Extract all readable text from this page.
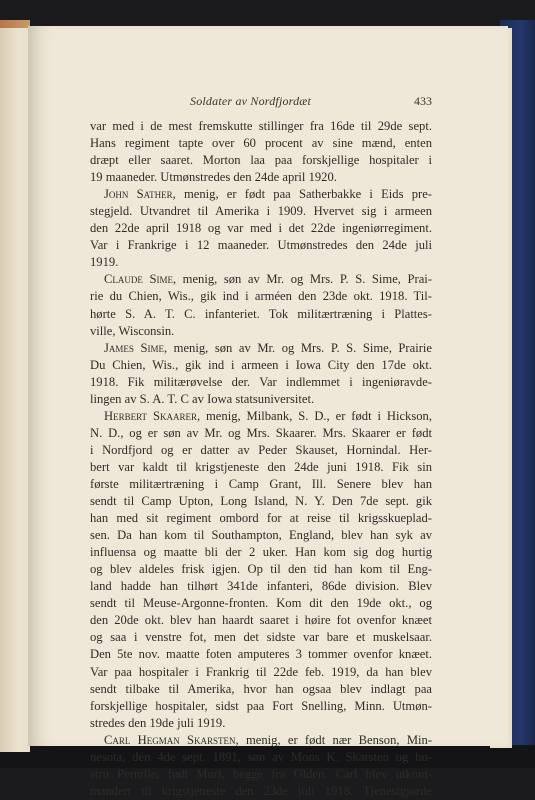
Soldater av Nordfjordæt	433
var med i de mest fremskutte stillinger fra 16de til 29de sept.
Hans regiment tapte over 60 procent av sine mænd, enten
dræpt eller saaret. Morton laa paa forskjellige hospitaler i
19 maaneder. Utmønstredes den 24de april 1920.
John Sather, menig, er født paa Satherbakke i Eids pre-
stegjeld. Utvandret til Amerika i 1909. Hvervet sig i armeen
den 22de april 1918 og var med i det 22de ingeniørregiment.
Var i Frankrige i 12 maaneder. Utmønstredes den 24de juli
1919.
Claude Sime, menig, søn av Mr. og Mrs. P. S. Sime, Prai-
rie du Chien, Wis., gik ind i arméen den 23de okt. 1918. Til-
hørte S. A. T. C. infanteriet. Tok militærtræning i Plattes-
ville, Wisconsin.
James Sime, menig, søn av Mr. og Mrs. P. S. Sime, Prairie
Du Chien, Wis., gik ind i armeen i Iowa City den 17de okt.
1918. Fik militærøvelse der. Var indlemmet i ingeniøravde-
lingen av S. A. T. C av Iowa statsuniversitet.
Herbert Skaarer, menig, Milbank, S. D., er født i Hickson,
N. D., og er søn av Mr. og Mrs. Skaarer. Mrs. Skaarer er født
i Nordfjord og er datter av Peder Skauset, Hornindal. Her-
bert var kaldt til krigstjeneste den 24de juni 1918. Fik sin
første militærtræning i Camp Grant, Ill. Senere blev han
sendt til Camp Upton, Long Island, N. Y. Den 7de sept. gik
han med sit regiment ombord for at reise til krigsskueplad-
sen. Da han kom til Southampton, England, blev han syk av
influensa og maatte bli der 2 uker. Han kom sig dog hurtig
og blev aldeles frisk igjen. Op til den tid han kom til Eng-
land hadde han tilhørt 341de infanteri, 86de division. Blev
sendt til Meuse-Argonne-fronten. Kom dit den 19de okt., og
den 20de okt. blev han haardt saaret i høire fot ovenfor knæet
og saa i venstre fot, men det sidste var bare et muskelsaar.
Den 5te nov. maatte foten amputeres 3 tommer ovenfor knæet.
Var paa hospitaler i Frankrig til 22de feb. 1919, da han blev
sendt tilbake til Amerika, hvor han ogsaa blev indlagt paa
forskjellige hospitaler, sidst paa Fort Snelling, Minn. Utmøn-
stredes den 19de juli 1919.
Carl Hegman Skarsten, menig, er født nær Benson, Min-
nesota, den 4de sept. 1891, søn av Mons K. Skarsten og hu-
stru Pernille, født Muri, begge fra Olden. Carl blev utkom-
mandert til krigstjeneste den 23de juli 1918. Tjenestgjorde
